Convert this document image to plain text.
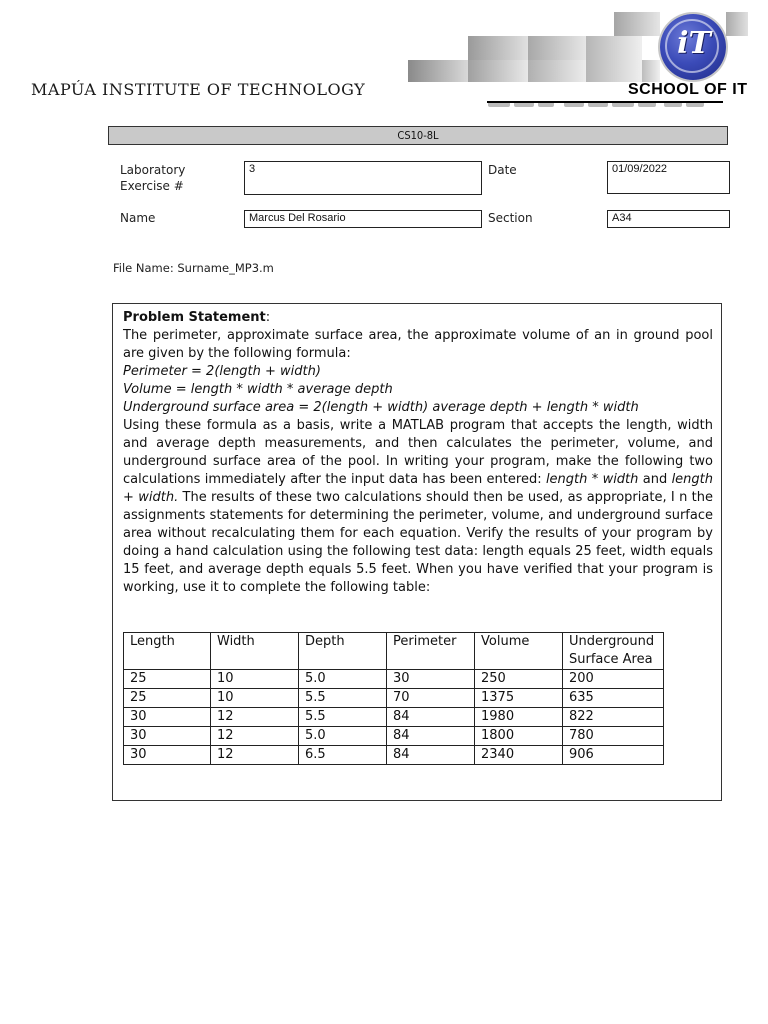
iT
MAPÚA INSTITUTE OF TECHNOLOGY	SCHOOL OF IT
CS10-8L
Laboratory
Exercise #
3	Date	01/09/2022
Name	Marcus Del Rosario	Section	A34
File Name: Surname_MP3.m

Problem Statement:

The perimeter, approximate surface area, the approximate volume of an in ground pool are given by the following formula:

Perimeter = 2(length + width)

Volume = length * width * average depth

Underground surface area = 2(length + width) average depth + length * width

Using these formula as a basis, write a MATLAB program that accepts the length, width and average depth measurements, and then calculates the perimeter, volume, and underground surface area of the pool. In writing your program, make the following two calculations immediately after the input data has been entered: length * width and length + width. The results of these two calculations should then be used, as appropriate, I n the assignments statements for determining the perimeter, volume, and underground surface area without recalculating them for each equation. Verify the results of your program by doing a hand calculation using the following test data: length equals 25 feet, width equals 15 feet, and average depth equals 5.5 feet. When you have verified that your program is working, use it to complete the following table:

Length	Width	Depth	Perimeter	Volume	Underground Surface Area
25	10	5.0	30	250	200
25	10	5.5	70	1375	635
30	12	5.5	84	1980	822
30	12	5.0	84	1800	780
30	12	6.5	84	2340	906
